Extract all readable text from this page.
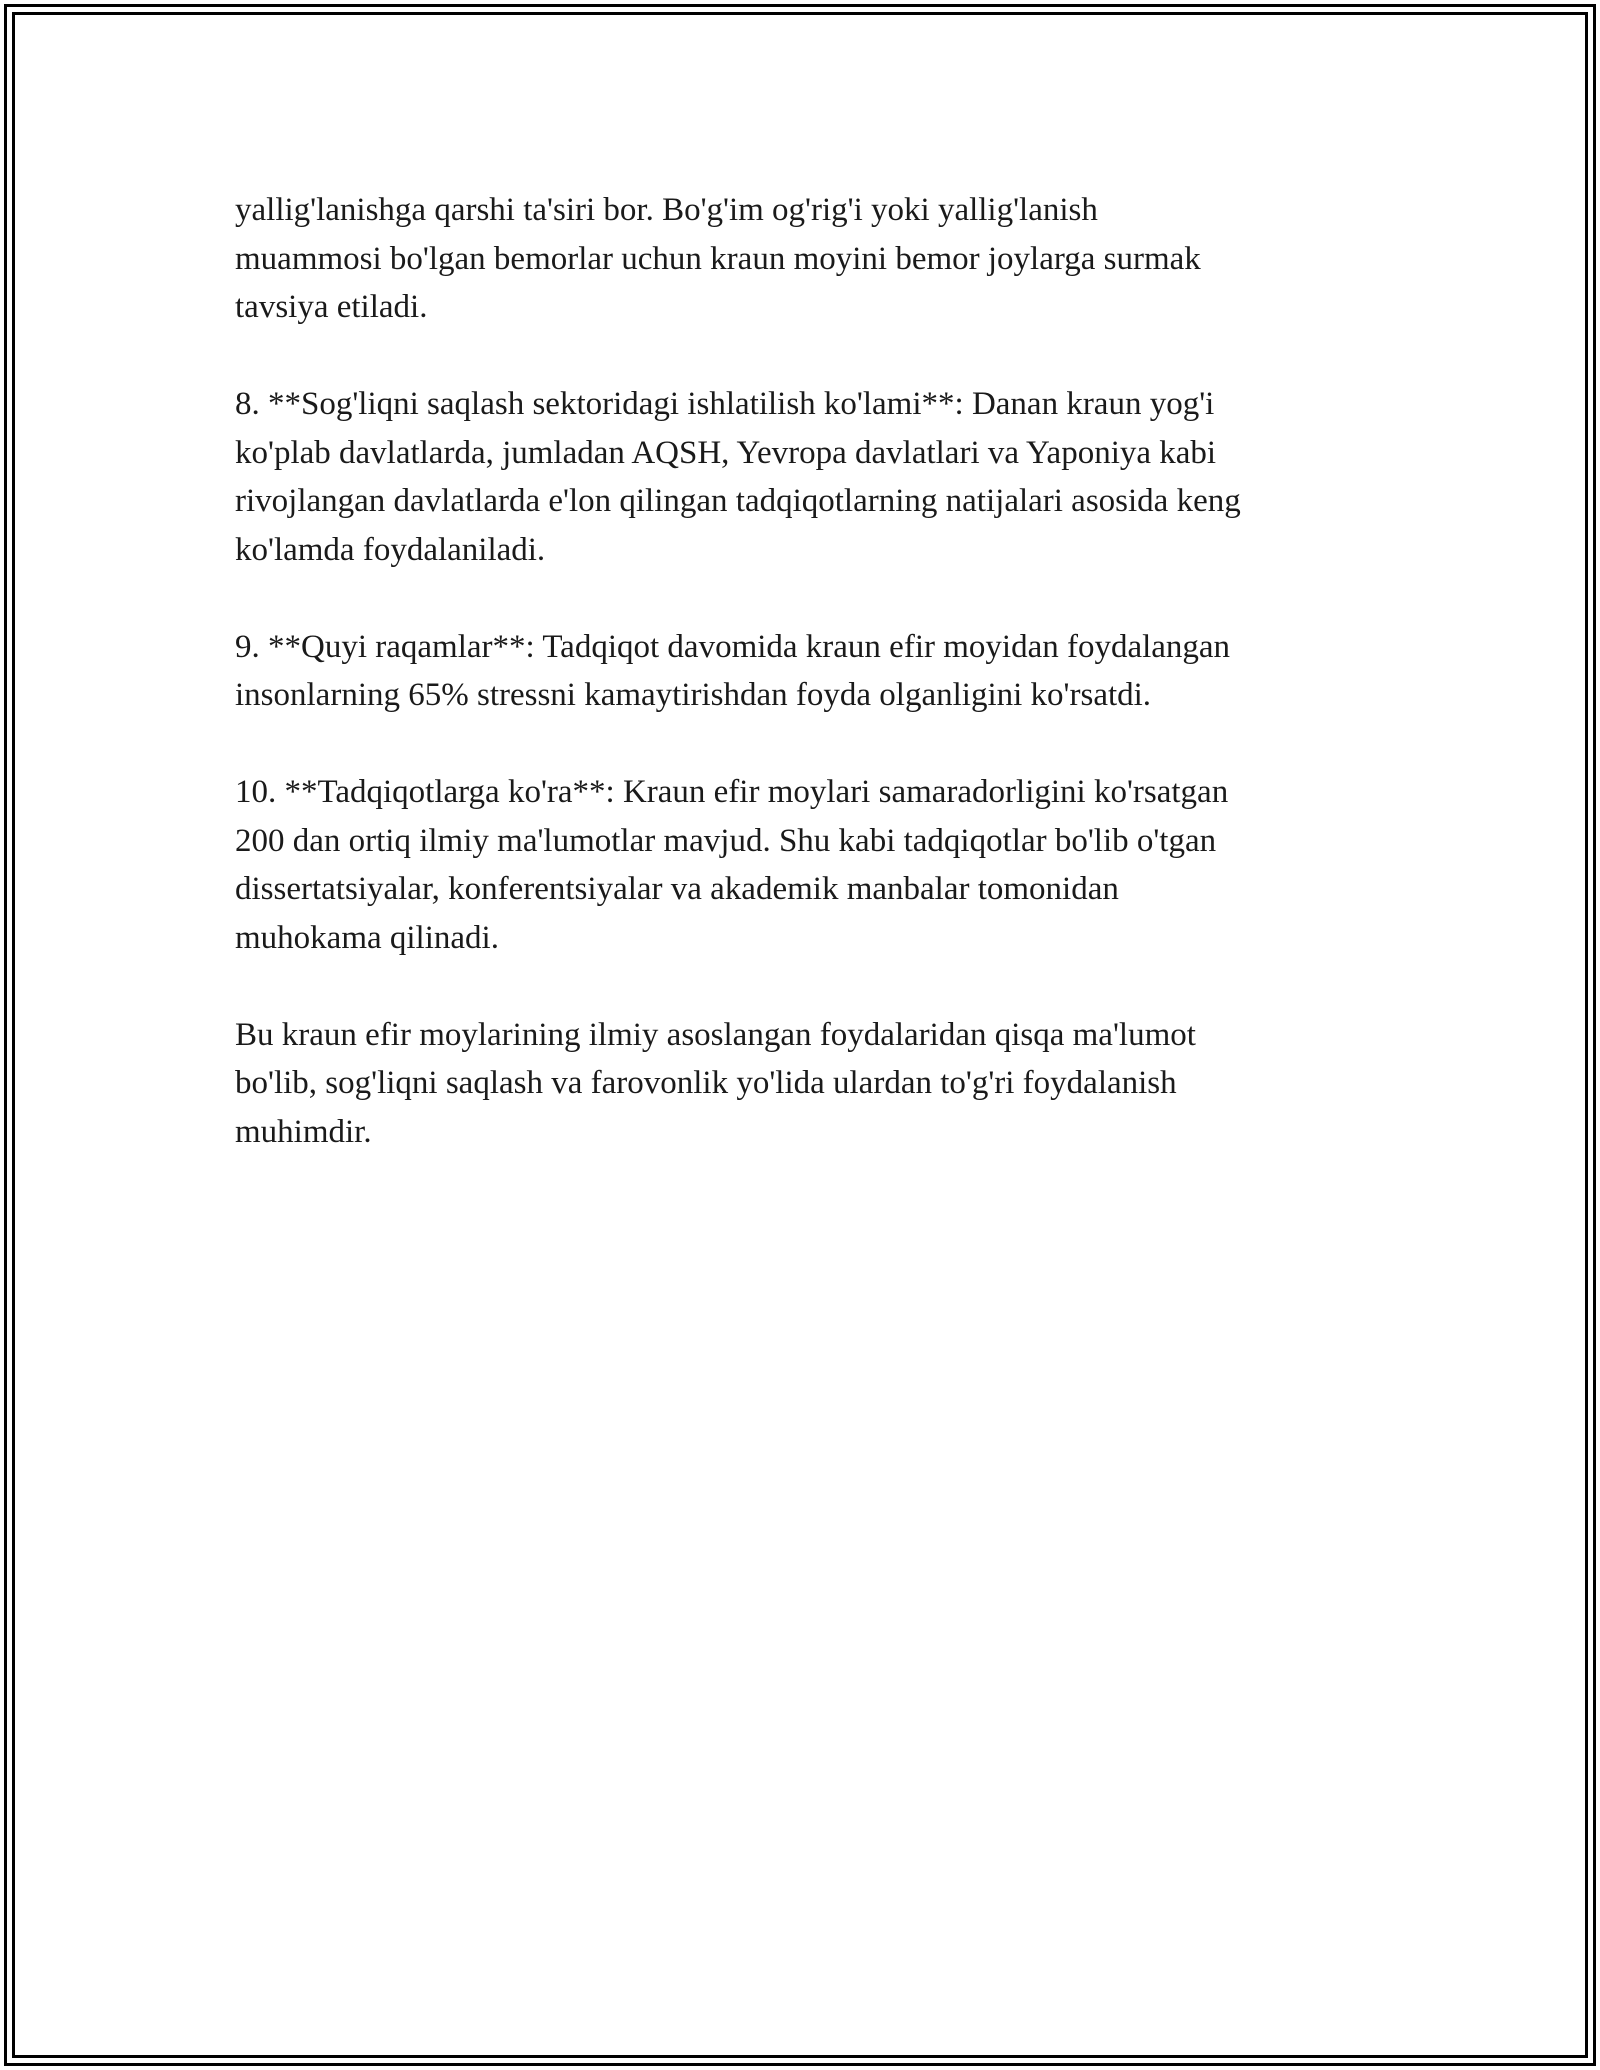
yallig'lanishga qarshi ta'siri bor. Bo'g'im og'rig'i yoki yallig'lanish
muammosi bo'lgan bemorlar uchun kraun moyini bemor joylarga surmak
tavsiya etiladi.

8. **Sog'liqni saqlash sektoridagi ishlatilish ko'lami**: Danan kraun yog'i
ko'plab davlatlarda, jumladan AQSH, Yevropa davlatlari va Yaponiya kabi
rivojlangan davlatlarda e'lon qilingan tadqiqotlarning natijalari asosida keng
ko'lamda foydalaniladi.

9. **Quyi raqamlar**: Tadqiqot davomida kraun efir moyidan foydalangan
insonlarning 65% stressni kamaytirishdan foyda olganligini ko'rsatdi.

10. **Tadqiqotlarga ko'ra**: Kraun efir moylari samaradorligini ko'rsatgan
200 dan ortiq ilmiy ma'lumotlar mavjud. Shu kabi tadqiqotlar bo'lib o'tgan
dissertatsiyalar, konferentsiyalar va akademik manbalar tomonidan
muhokama qilinadi.

Bu kraun efir moylarining ilmiy asoslangan foydalaridan qisqa ma'lumot
bo'lib, sog'liqni saqlash va farovonlik yo'lida ulardan to'g'ri foydalanish
muhimdir.
